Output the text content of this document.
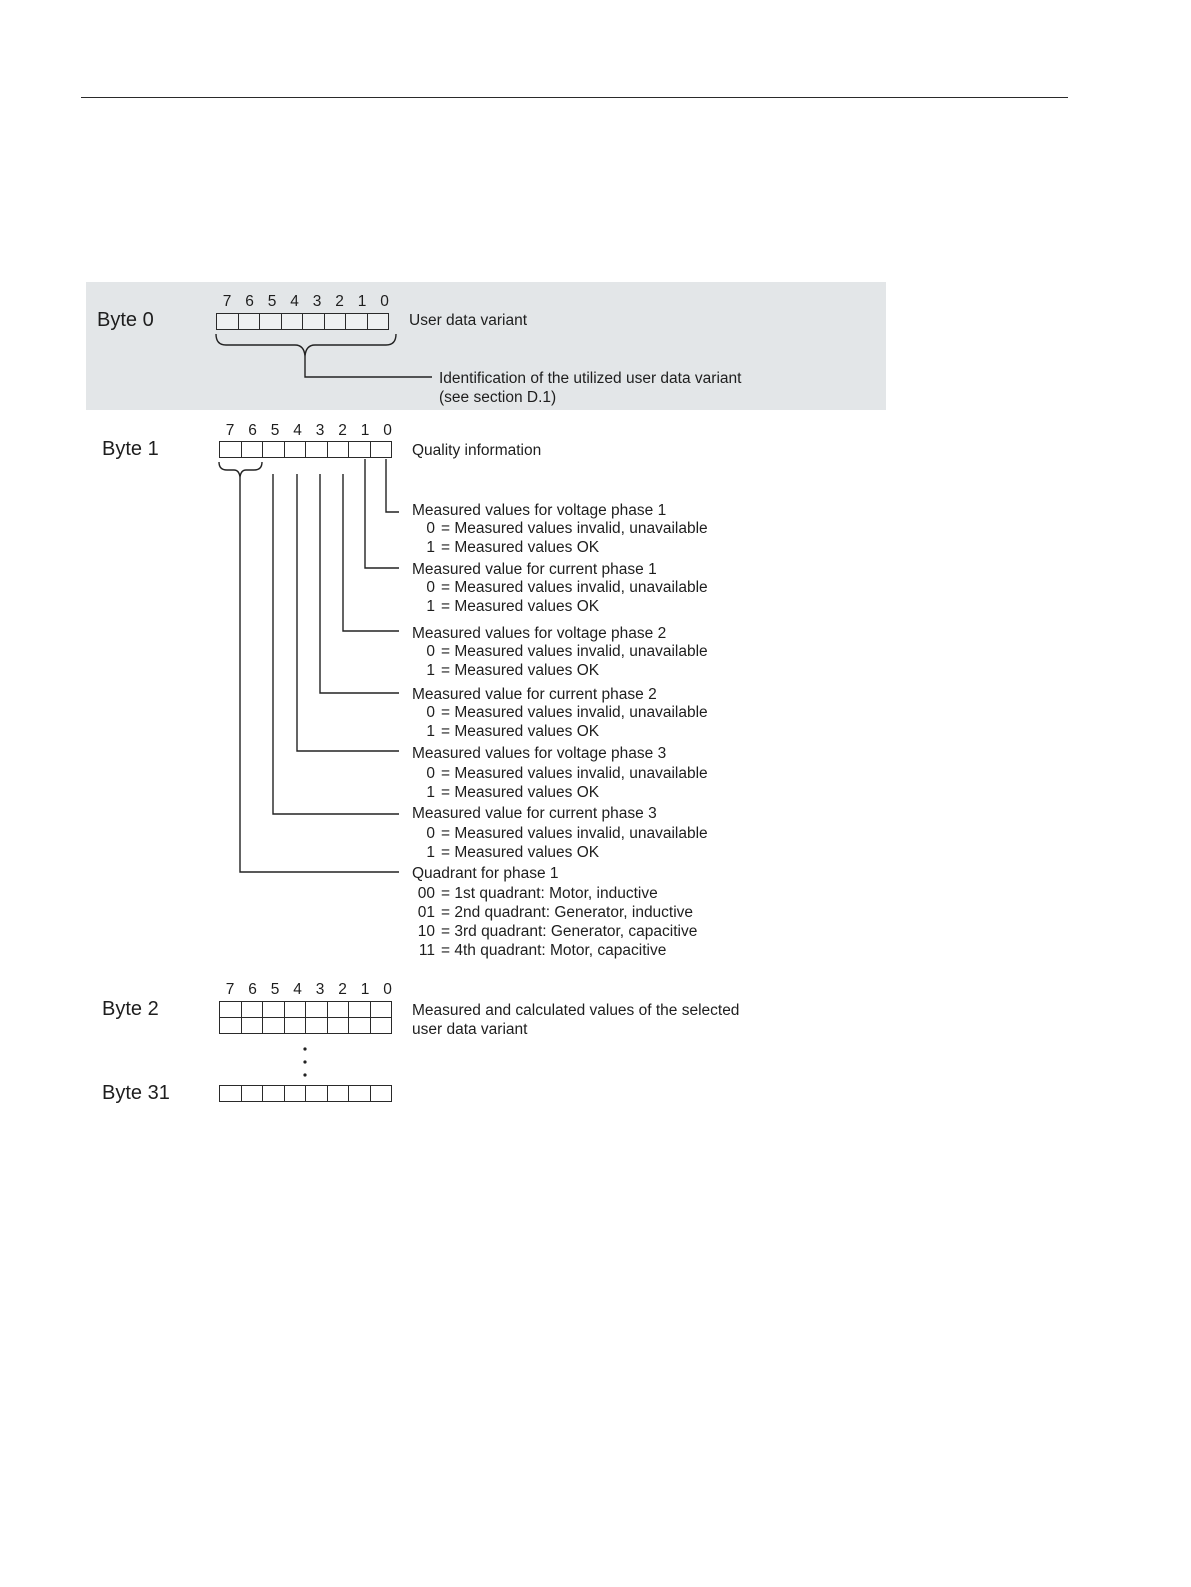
Byte 0
7 6 5 4 3 2 1 0
User data variant
Identification of the utilized user data variant
(see section D.1)
Byte 1
7 6 5 4 3 2 1 0
Quality information
Measured values for voltage phase 1
0 = Measured values invalid, unavailable
1 = Measured values OK
Measured value for current phase 1
0 = Measured values invalid, unavailable
1 = Measured values OK
Measured values for voltage phase 2
0 = Measured values invalid, unavailable
1 = Measured values OK
Measured value for current phase 2
0 = Measured values invalid, unavailable
1 = Measured values OK
Measured values for voltage phase 3
0 = Measured values invalid, unavailable
1 = Measured values OK
Measured value for current phase 3
0 = Measured values invalid, unavailable
1 = Measured values OK
Quadrant for phase 1
00 = 1st quadrant: Motor, inductive
01 = 2nd quadrant: Generator, inductive
10 = 3rd quadrant: Generator, capacitive
11 = 4th quadrant: Motor, capacitive
Byte 2
7 6 5 4 3 2 1 0
Measured and calculated values of the selected
user data variant
Byte 31
